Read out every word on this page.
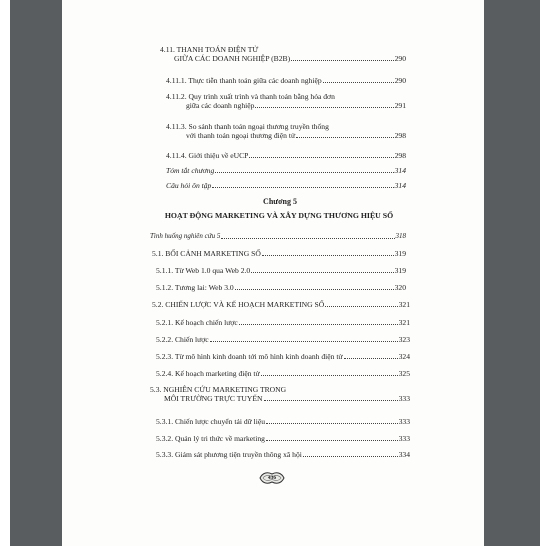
4.11. THANH TOÁN ĐIỆN TỬ
GIỮA CÁC DOANH NGHIỆP (B2B)	290
4.11.1. Thực tiễn thanh toán giữa các doanh nghiệp	290
4.11.2. Quy trình xuất trình và thanh toán bằng hóa đơn
giữa các doanh nghiệp	291
4.11.3. So sánh thanh toán ngoại thương truyền thống
với thanh toán ngoại thương điện tử	298
4.11.4. Giới thiệu về eUCP	298
Tóm tắt chương	314
Câu hỏi ôn tập	314
Chương 5
HOẠT ĐỘNG MARKETING VÀ XÂY DỰNG THƯƠNG HIỆU SỐ
Tình huống nghiên cứu 5	318
5.1. BỐI CẢNH MARKETING SỐ	319
5.1.1. Từ Web 1.0 qua Web 2.0	319
5.1.2. Tương lai: Web 3.0	320
5.2. CHIẾN LƯỢC VÀ KẾ HOẠCH MARKETING SỐ	321
5.2.1. Kế hoạch chiến lược	321
5.2.2. Chiến lược	323
5.2.3. Từ mô hình kinh doanh tới mô hình kinh doanh điện tử	324
5.2.4. Kế hoạch marketing điện tử	325
5.3. NGHIÊN CỨU MARKETING TRONG
MÔI TRƯỜNG TRỰC TUYẾN	333
5.3.1. Chiến lược chuyển tải dữ liệu	333
5.3.2. Quản lý tri thức về marketing	333
5.3.3. Giám sát phương tiện truyền thông xã hội	334
436
